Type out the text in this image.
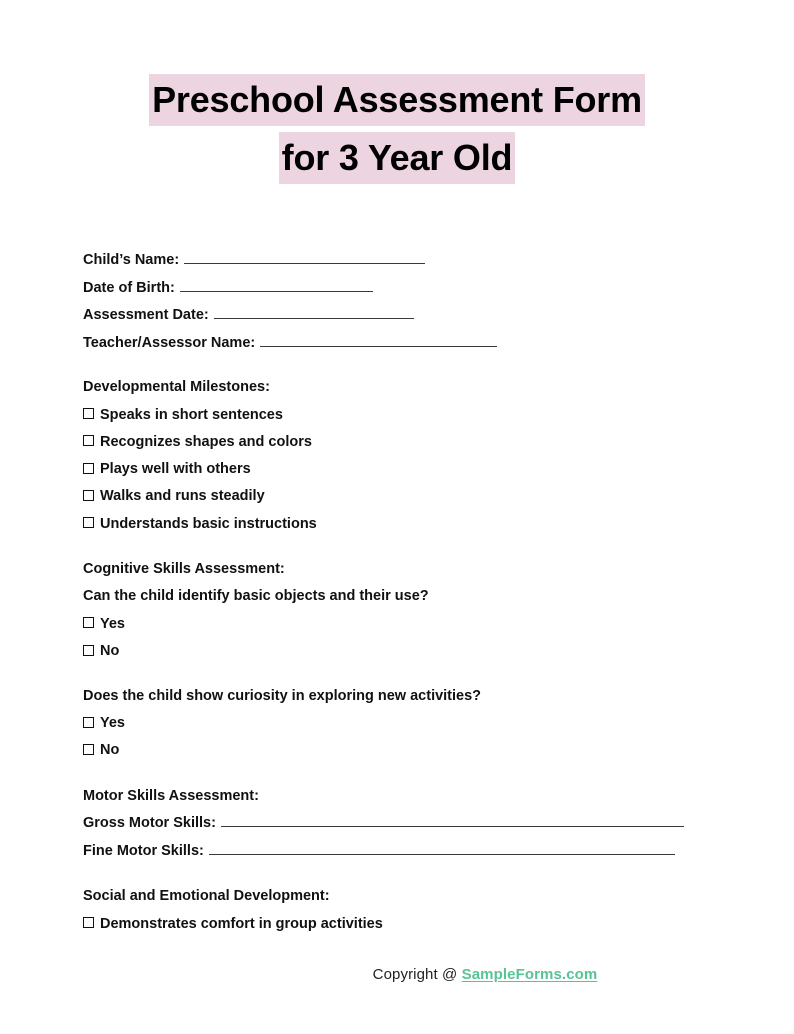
Preschool Assessment Form
for 3 Year Old
Child’s Name:
Date of Birth:
Assessment Date:
Teacher/Assessor Name:
Developmental Milestones:
Speaks in short sentences
Recognizes shapes and colors
Plays well with others
Walks and runs steadily
Understands basic instructions
Cognitive Skills Assessment:
Can the child identify basic objects and their use?
Yes
No
Does the child show curiosity in exploring new activities?
Yes
No
Motor Skills Assessment:
Gross Motor Skills:
Fine Motor Skills:
Social and Emotional Development:
Demonstrates comfort in group activities
Copyright @ SampleForms.com
